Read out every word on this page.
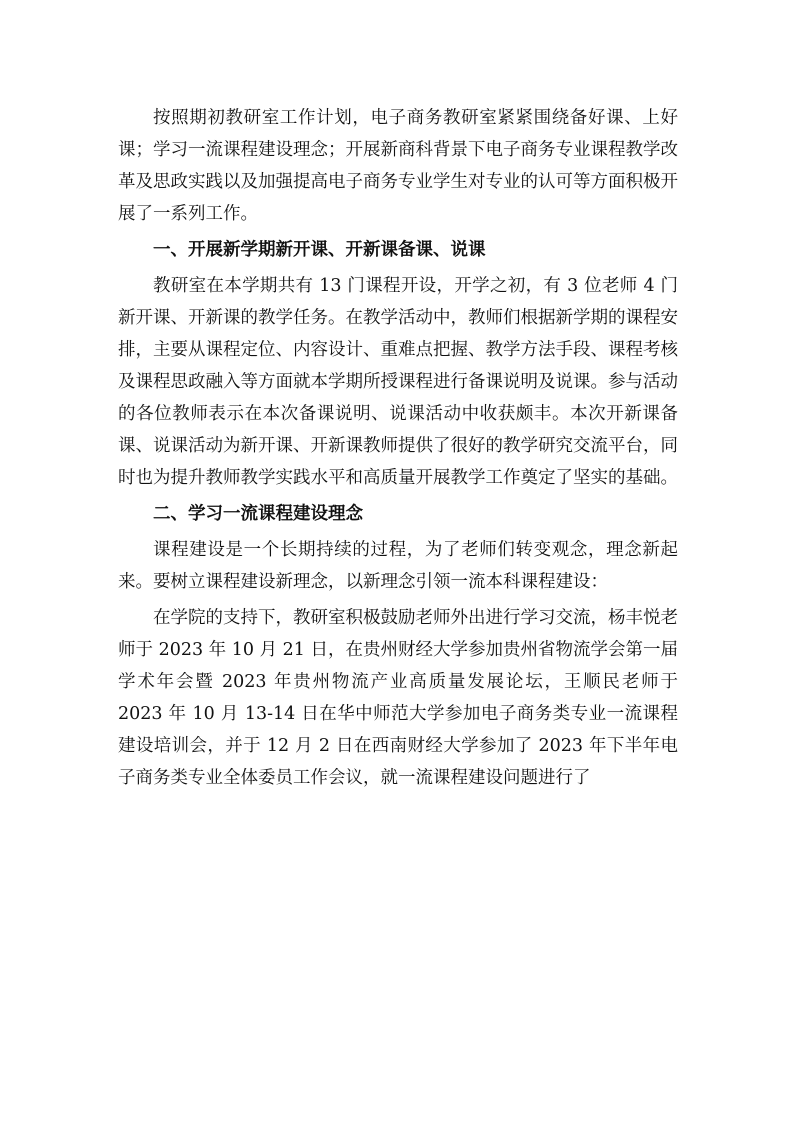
按照期初教研室工作计划，电子商务教研室紧紧围绕备好课、上好课；学习一流课程建设理念；开展新商科背景下电子商务专业课程教学改革及思政实践以及加强提高电子商务专业学生对专业的认可等方面积极开展了一系列工作。

一、开展新学期新开课、开新课备课、说课

教研室在本学期共有 13 门课程开设，开学之初，有 3 位老师 4 门新开课、开新课的教学任务。在教学活动中，教师们根据新学期的课程安排，主要从课程定位、内容设计、重难点把握、教学方法手段、课程考核及课程思政融入等方面就本学期所授课程进行备课说明及说课。参与活动的各位教师表示在本次备课说明、说课活动中收获颇丰。本次开新课备课、说课活动为新开课、开新课教师提供了很好的教学研究交流平台，同时也为提升教师教学实践水平和高质量开展教学工作奠定了坚实的基础。

二、学习一流课程建设理念

课程建设是一个长期持续的过程，为了老师们转变观念，理念新起来。要树立课程建设新理念，以新理念引领一流本科课程建设：

在学院的支持下，教研室积极鼓励老师外出进行学习交流，杨丰悦老师于 2023 年 10 月 21 日，在贵州财经大学参加贵州省物流学会第一届学术年会暨 2023 年贵州物流产业高质量发展论坛，王顺民老师于 2023 年 10 月 13-14 日在华中师范大学参加电子商务类专业一流课程建设培训会，并于 12 月 2 日在西南财经大学参加了 2023 年下半年电子商务类专业全体委员工作会议，就一流课程建设问题进行了
